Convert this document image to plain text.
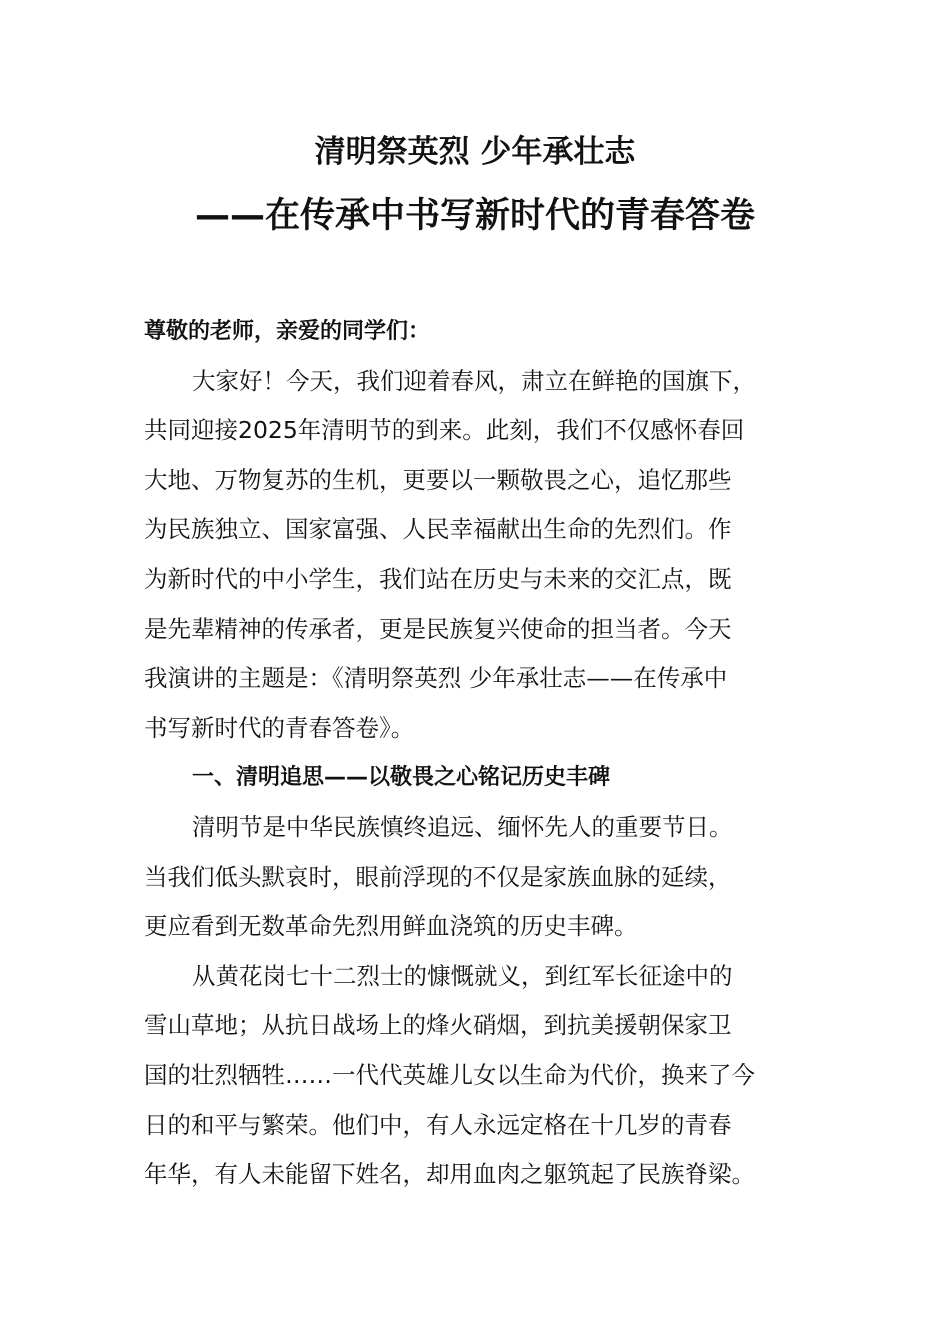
清明祭英烈 少年承壮志
——在传承中书写新时代的青春答卷

尊敬的老师，亲爱的同学们：

大家好！今天，我们迎着春风，肃立在鲜艳的国旗下，

共同迎接2025年清明节的到来。此刻，我们不仅感怀春回

大地、万物复苏的生机，更要以一颗敬畏之心，追忆那些

为民族独立、国家富强、人民幸福献出生命的先烈们。作

为新时代的中小学生，我们站在历史与未来的交汇点，既

是先辈精神的传承者，更是民族复兴使命的担当者。今天

我演讲的主题是：《清明祭英烈 少年承壮志——在传承中

书写新时代的青春答卷》。

一、清明追思——以敬畏之心铭记历史丰碑

清明节是中华民族慎终追远、缅怀先人的重要节日。

当我们低头默哀时，眼前浮现的不仅是家族血脉的延续，

更应看到无数革命先烈用鲜血浇筑的历史丰碑。

从黄花岗七十二烈士的慷慨就义，到红军长征途中的

雪山草地；从抗日战场上的烽火硝烟，到抗美援朝保家卫

国的壮烈牺牲……一代代英雄儿女以生命为代价，换来了今

日的和平与繁荣。他们中，有人永远定格在十几岁的青春

年华，有人未能留下姓名，却用血肉之躯筑起了民族脊梁。
